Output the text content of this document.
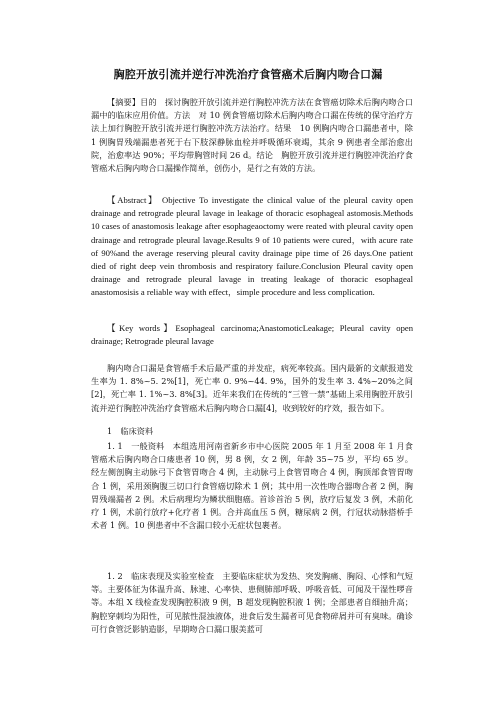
胸腔开放引流并逆行冲洗治疗食管癌术后胸内吻合口漏

【摘要】目的　探讨胸腔开放引流并逆行胸腔冲洗方法在食管癌切除术后胸内吻合口漏中的临床应用价值。方法　对 10 例食管癌切除术后胸内吻合口漏在传统的保守治疗方法上加行胸腔开放引流并逆行胸腔冲洗方法治疗。结果　10 例胸内吻合口漏患者中，除 1 例胸胃残端漏患者死于右下肢深静脉血栓并呼吸循环衰竭，其余 9 例患者全部治愈出院，治愈率达 90%；平均带胸管时间 26 d。结论　胸腔开放引流并逆行胸腔冲洗治疗食管癌术后胸内吻合口漏操作简单，创伤小，是行之有效的方法。

【Abstract】 Objective To investigate the clinical value of the pleural cavity open drainage and retrograde pleural lavage in leakage of thoracic esophageal astomosis.Methods 10 cases of anastomosis leakage after esophageaoctomy were reated with pleural cavity open drainage and retrograde pleural lavage.Results 9 of 10 patients were cured，with acure rate of 90%and the average reserving pleural cavity drainage pipe time of 26 days.One patient died of right deep vein thrombosis and respiratory failure.Conclusion Pleural cavity open drainage and retrograde pleural lavage in treating leakage of thoracic esophageal anastomosisis a reliable way with effect，simple procedure and less complication.

【Key words】Esophageal carcinoma;AnastomoticLeakage; Pleural cavity open drainage; Retrograde pleural lavage

胸内吻合口漏是食管癌手术后最严重的并发症，病死率较高。国内最新的文献报道发生率为 1. 8%~5. 2%[1]，死亡率 0. 9%~44. 9%，国外的发生率 3. 4%~20%之间[2]，死亡率 1. 1%~3. 8%[3]。近年来我们在传统的“三管一禁”基础上采用胸腔开放引流并逆行胸腔冲洗治疗食管癌术后胸内吻合口漏[4]，收到较好的疗效，报告如下。

1　临床资料

1. 1　一般资料　本组选用河南省新乡市中心医院 2005 年 1 月至 2008 年 1 月食管癌术后胸内吻合口瘘患者 10 例，男 8 例，女 2 例，年龄 35~75 岁，平均 65 岁。经左侧剖胸主动脉弓下食管胃吻合 4 例，主动脉弓上食管胃吻合 4 例，胸顶部食管胃吻合 1 例，采用颈胸腹三切口行食管癌切除术 1 例；其中用一次性吻合器吻合者 2 例，胸胃残端漏者 2 例。术后病理均为鳞状细胞癌。首诊首治 5 例，放疗后复发 3 例，术前化疗 1 例，术前行放疗+化疗者 1 例。合并高血压 5 例，糖尿病 2 例，行冠状动脉搭桥手术者 1 例。10 例患者中不含漏口较小无症状包裹者。

1. 2　临床表现及实验室检查　主要临床症状为发热、突发胸痛、胸闷、心悸和气短等。主要体征为体温升高、脉速、心率快、患侧肺部呼吸、呼吸音低、可闻及干湿性啰音等。本组 X 线检查发现胸腔积液 9 例，B 超发现胸腔积液 1 例；全部患者自细抽升高；胸腔穿刺均为阳性，可见脓性混浊液体，进食后发生漏者可见食物碎屑并可有臭味。确诊可行食管泛影钠造影，早期吻合口漏口服美蓝可
